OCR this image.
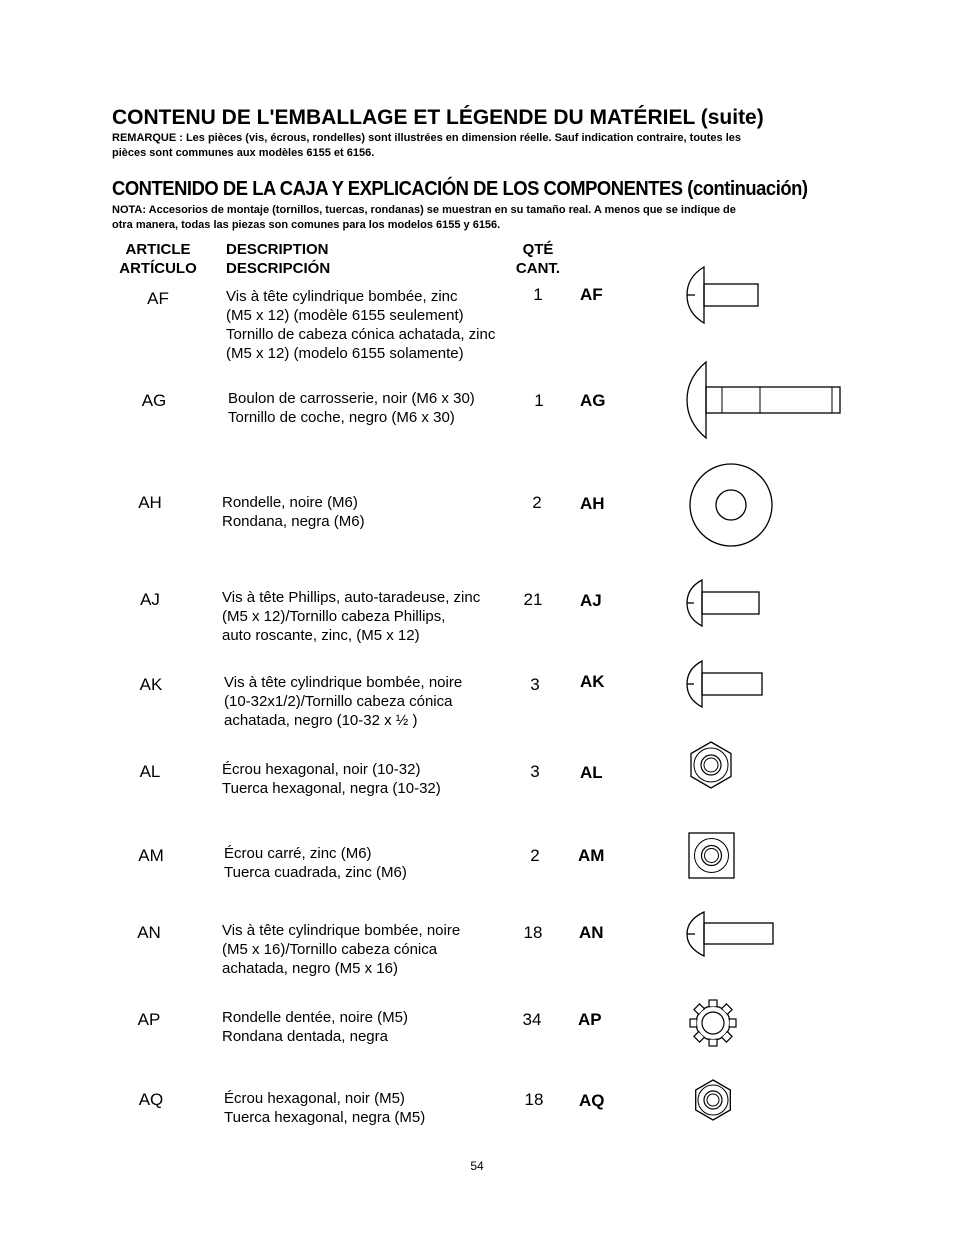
CONTENU DE L'EMBALLAGE ET LÉGENDE DU MATÉRIEL (suite)
REMARQUE : Les pièces (vis, écrous, rondelles) sont illustrées en dimension réelle. Sauf indication contraire, toutes les
pièces sont communes aux modèles 6155 et 6156.
CONTENIDO DE LA CAJA Y EXPLICACIÓN DE LOS COMPONENTES (continuación)
NOTA: Accesorios de montaje (tornillos, tuercas, rondanas) se muestran en su tamaño real. A menos que se indique de
otra manera, todas las piezas son comunes para los modelos 6155 y 6156.
ARTICLE
ARTÍCULO
DESCRIPTION
DESCRIPCIÓN
QTÉ
CANT.
AF	Vis à tête cylindrique bombée, zinc
(M5 x 12) (modèle 6155 seulement)
Tornillo de cabeza cónica achatada, zinc
(M5 x 12) (modelo 6155 solamente)
1	AF
AG	Boulon de carrosserie, noir (M6 x 30)
Tornillo de coche, negro (M6 x 30)
1	AG
AH	Rondelle, noire (M6)
Rondana, negra (M6)
2	AH
AJ	Vis à tête Phillips, auto-taradeuse, zinc
(M5 x 12)/Tornillo cabeza Phillips,
auto roscante, zinc, (M5 x 12)
21	AJ
AK	Vis à tête cylindrique bombée, noire
(10-32x1/2)/Tornillo cabeza cónica
achatada, negro (10-32 x ½ )
3	AK
AL	Écrou hexagonal, noir (10-32)
Tuerca hexagonal, negra (10-32)
3	AL
AM	Écrou carré, zinc (M6)
Tuerca cuadrada, zinc (M6)
2	AM
AN	Vis à tête cylindrique bombée, noire
(M5 x 16)/Tornillo cabeza cónica
achatada, negro (M5 x 16)
18	AN
AP	Rondelle dentée, noire (M5)
Rondana dentada, negra
34	AP
AQ	Écrou hexagonal, noir (M5)
Tuerca hexagonal, negra (M5)
18	AQ
54
